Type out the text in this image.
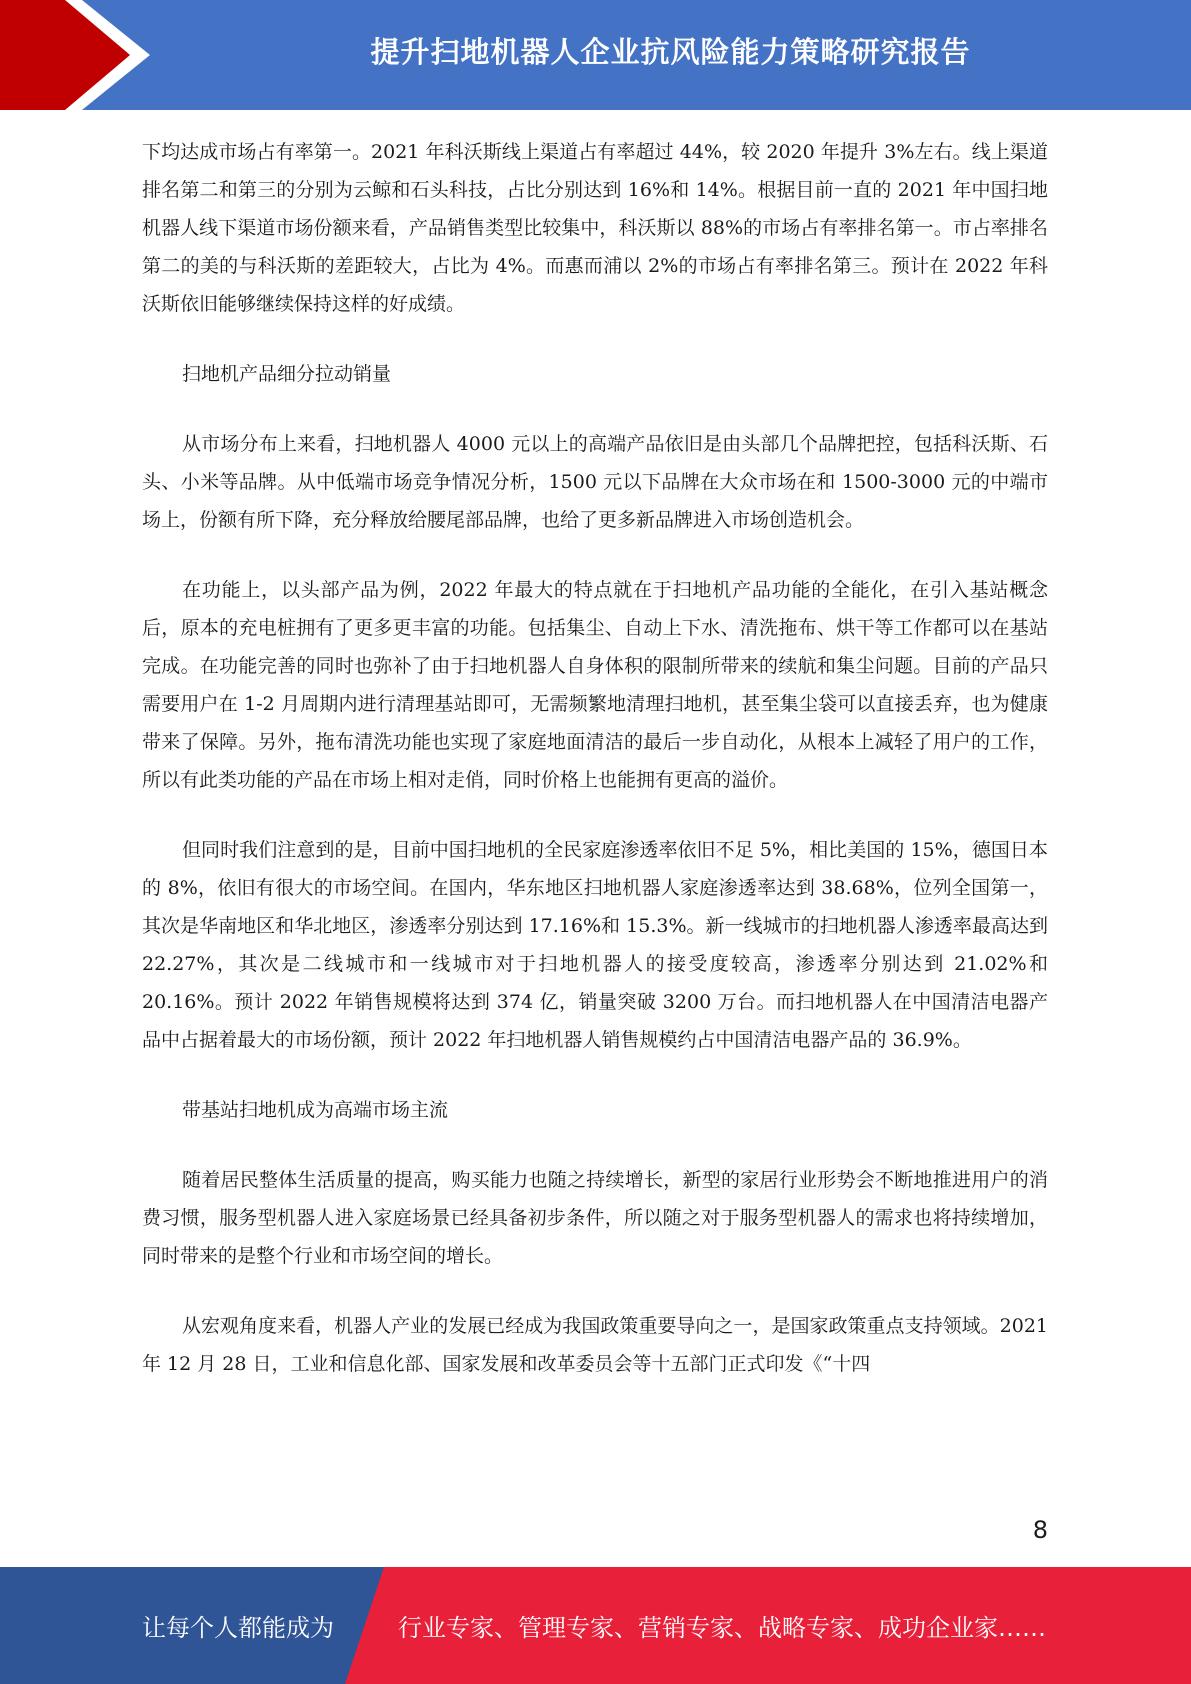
提升扫地机器人企业抗风险能力策略研究报告

下均达成市场占有率第一。2021 年科沃斯线上渠道占有率超过 44%，较 2020 年提升 3%左右。线上渠道排名第二和第三的分别为云鲸和石头科技，占比分别达到 16%和 14%。根据目前一直的 2021 年中国扫地机器人线下渠道市场份额来看，产品销售类型比较集中，科沃斯以 88%的市场占有率排名第一。市占率排名第二的美的与科沃斯的差距较大，占比为 4%。而惠而浦以 2%的市场占有率排名第三。预计在 2022 年科沃斯依旧能够继续保持这样的好成绩。

扫地机产品细分拉动销量

从市场分布上来看，扫地机器人 4000 元以上的高端产品依旧是由头部几个品牌把控，包括科沃斯、石头、小米等品牌。从中低端市场竞争情况分析，1500 元以下品牌在大众市场在和 1500-3000 元的中端市场上，份额有所下降，充分释放给腰尾部品牌，也给了更多新品牌进入市场创造机会。

在功能上，以头部产品为例，2022 年最大的特点就在于扫地机产品功能的全能化，在引入基站概念后，原本的充电桩拥有了更多更丰富的功能。包括集尘、自动上下水、清洗拖布、烘干等工作都可以在基站完成。在功能完善的同时也弥补了由于扫地机器人自身体积的限制所带来的续航和集尘问题。目前的产品只需要用户在 1-2 月周期内进行清理基站即可，无需频繁地清理扫地机，甚至集尘袋可以直接丢弃，也为健康带来了保障。另外，拖布清洗功能也实现了家庭地面清洁的最后一步自动化，从根本上减轻了用户的工作，所以有此类功能的产品在市场上相对走俏，同时价格上也能拥有更高的溢价。

但同时我们注意到的是，目前中国扫地机的全民家庭渗透率依旧不足 5%，相比美国的 15%，德国日本的 8%，依旧有很大的市场空间。在国内，华东地区扫地机器人家庭渗透率达到 38.68%，位列全国第一，其次是华南地区和华北地区，渗透率分别达到 17.16%和 15.3%。新一线城市的扫地机器人渗透率最高达到 22.27%，其次是二线城市和一线城市对于扫地机器人的接受度较高，渗透率分别达到 21.02%和 20.16%。预计 2022 年销售规模将达到 374 亿，销量突破 3200 万台。而扫地机器人在中国清洁电器产品中占据着最大的市场份额，预计 2022 年扫地机器人销售规模约占中国清洁电器产品的 36.9%。

带基站扫地机成为高端市场主流

随着居民整体生活质量的提高，购买能力也随之持续增长，新型的家居行业形势会不断地推进用户的消费习惯，服务型机器人进入家庭场景已经具备初步条件，所以随之对于服务型机器人的需求也将持续增加，同时带来的是整个行业和市场空间的增长。

从宏观角度来看，机器人产业的发展已经成为我国政策重要导向之一，是国家政策重点支持领域。2021 年 12 月 28 日，工业和信息化部、国家发展和改革委员会等十五部门正式印发《“十四

8
让每个人都能成为	行业专家、管理专家、营销专家、战略专家、成功企业家……
